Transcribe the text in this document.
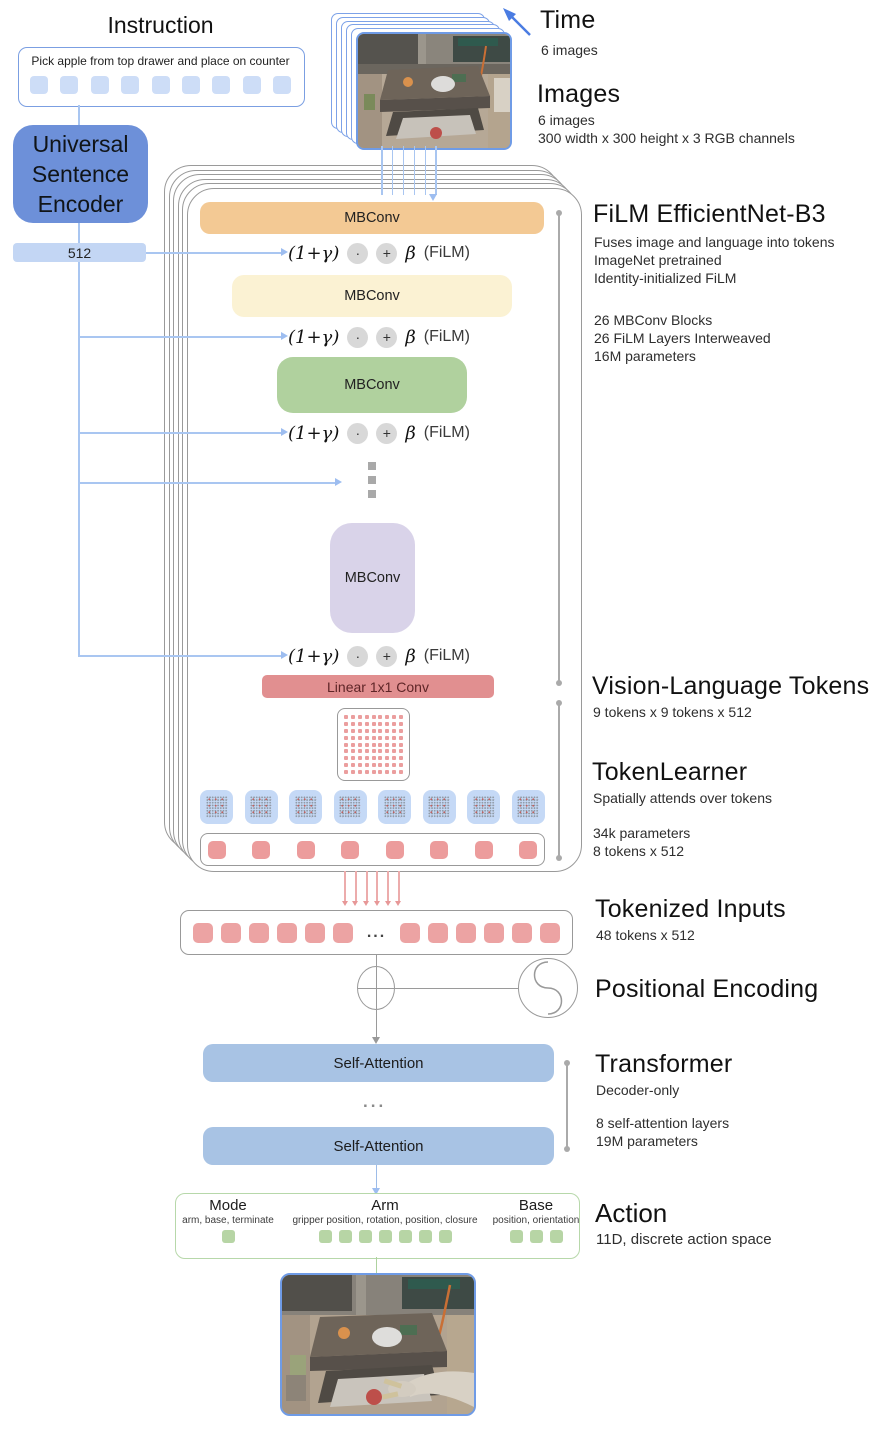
Instruction
Pick apple from top drawer and place on counter
Universal Sentence Encoder
512
Time
6 images
Images
6 images
300 width x 300 height x 3 RGB channels
MBConv
(1+γ)	·	+ β (FiLM)
MBConv
(1+γ)	·	+ β (FiLM)
MBConv
(1+γ)	·	+ β (FiLM)
MBConv
(1+γ)	·	+ β (FiLM)
Linear 1x1 Conv
FiLM EfficientNet-B3
Fuses image and language into tokens
ImageNet pretrained
Identity-initialized FiLM
26 MBConv Blocks
26 FiLM Layers Interweaved
16M parameters
Vision-Language Tokens
9 tokens x 9 tokens x 512
TokenLearner
Spatially attends over tokens
34k parameters
8 tokens x 512
...
Tokenized Inputs
48 tokens x 512
Positional Encoding
Self-Attention
...
Self-Attention
Transformer
Decoder-only
8 self-attention layers
19M parameters
Mode
arm, base, terminate
Arm
gripper position, rotation, position, closure
Base
position, orientation Action
11D, discrete action space
